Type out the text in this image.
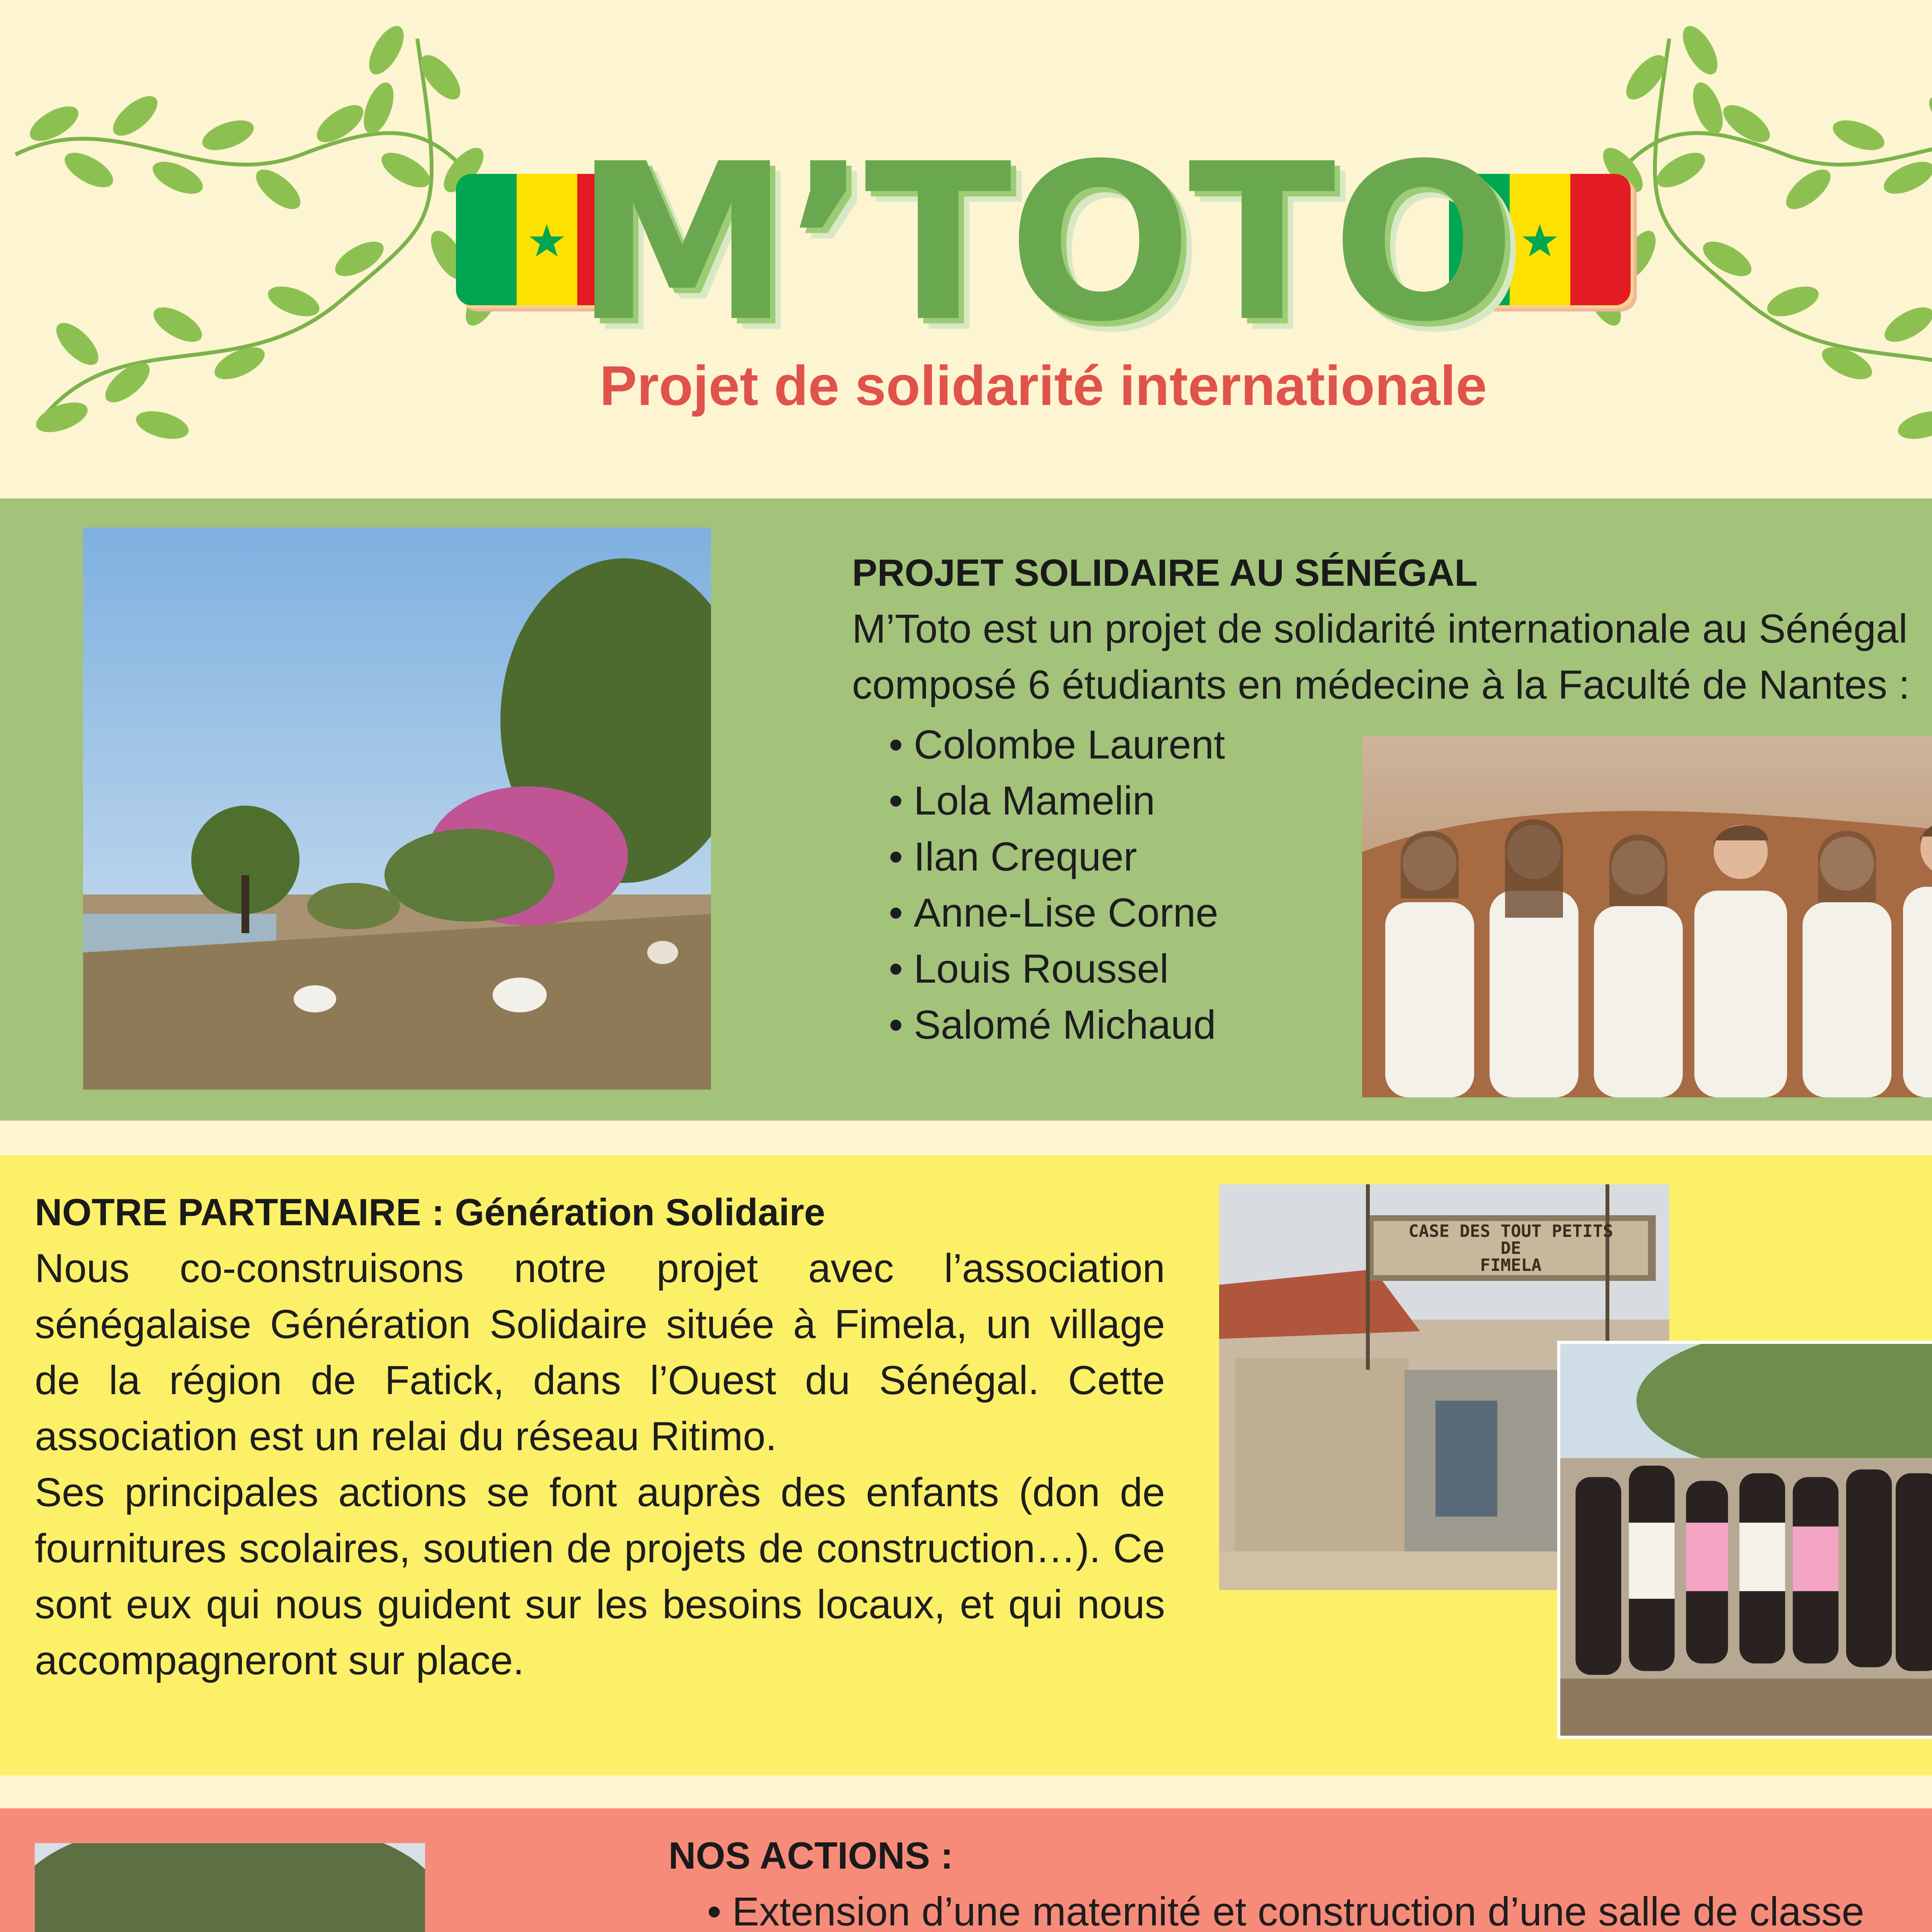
M’TOTO
Projet de solidarité internationale
PROJET SOLIDAIRE AU SÉNÉGAL
M’Toto est un projet de solidarité internationale au Sénégal composé 6 étudiants en médecine à la Faculté de Nantes :
• Colombe Laurent
• Lola Mamelin
• Ilan Crequer
• Anne-Lise Corne
• Louis Roussel
• Salomé Michaud
NOTRE PARTENAIRE : Génération Solidaire

Nous co-construisons notre projet avec l’association sénégalaise Génération Solidaire située à Fimela, un village de la région de Fatick, dans l’Ouest du Sénégal. Cette association est un relai du réseau Ritimo.

Ses principales actions se font auprès des enfants (don de fournitures scolaires, soutien de projets de construction…). Ce sont eux qui nous guident sur les besoins locaux, et qui nous accompagneront sur place.

CASE DES TOUT PETITS
DE
FIMELA
NOS ACTIONS :
• Extension d’une maternité et construction d’une salle de classe
